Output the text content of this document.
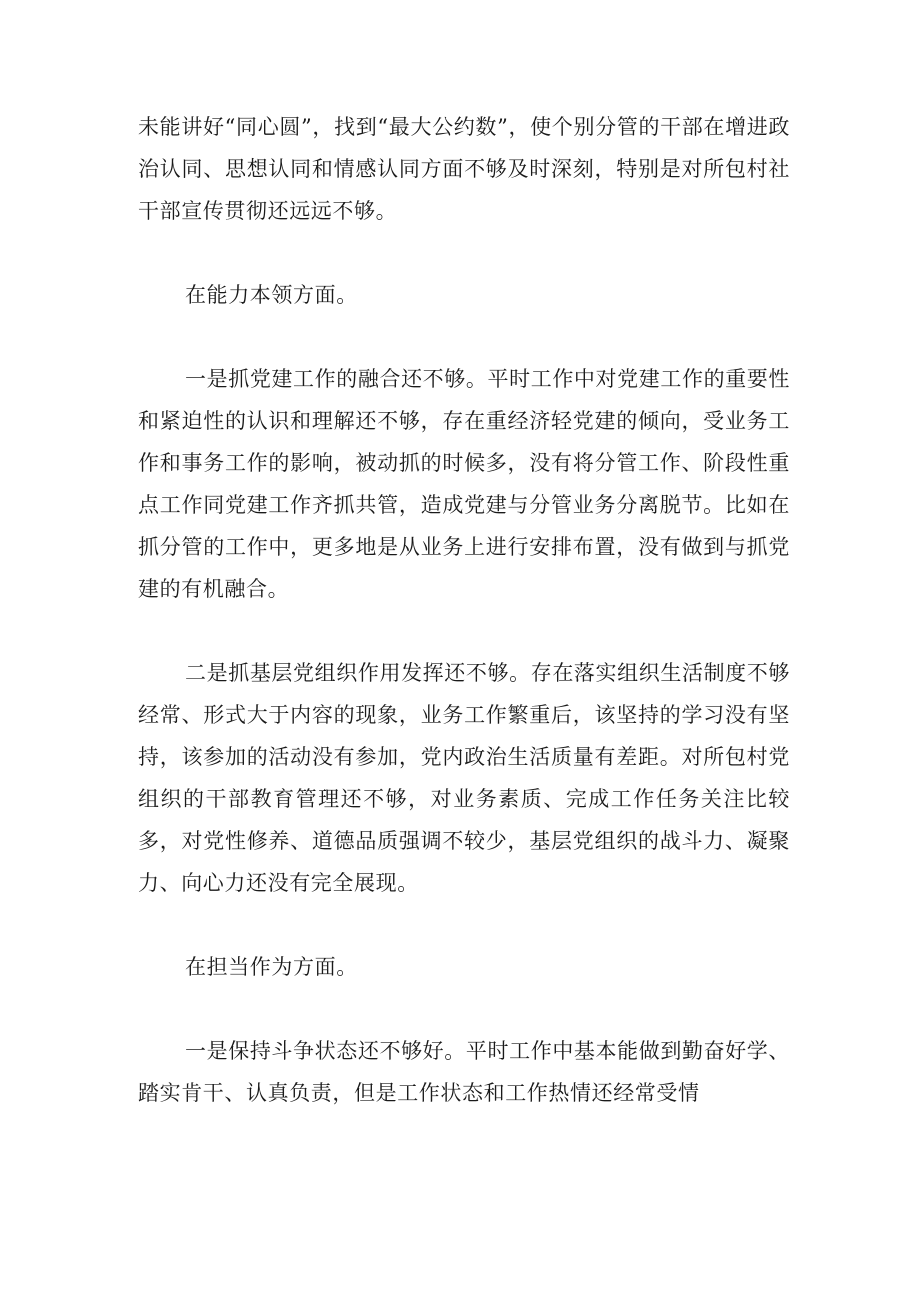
未能讲好“同心圆”，找到“最大公约数”，使个别分管的干部在增进政治认同、思想认同和情感认同方面不够及时深刻，特别是对所包村社干部宣传贯彻还远远不够。

在能力本领方面。

一是抓党建工作的融合还不够。平时工作中对党建工作的重要性和紧迫性的认识和理解还不够，存在重经济轻党建的倾向，受业务工作和事务工作的影响，被动抓的时候多，没有将分管工作、阶段性重点工作同党建工作齐抓共管，造成党建与分管业务分离脱节。比如在抓分管的工作中，更多地是从业务上进行安排布置，没有做到与抓党建的有机融合。

二是抓基层党组织作用发挥还不够。存在落实组织生活制度不够经常、形式大于内容的现象，业务工作繁重后，该坚持的学习没有坚持，该参加的活动没有参加，党内政治生活质量有差距。对所包村党组织的干部教育管理还不够，对业务素质、完成工作任务关注比较多，对党性修养、道德品质强调不较少，基层党组织的战斗力、凝聚力、向心力还没有完全展现。

在担当作为方面。

一是保持斗争状态还不够好。平时工作中基本能做到勤奋好学、踏实肯干、认真负责，但是工作状态和工作热情还经常受情
